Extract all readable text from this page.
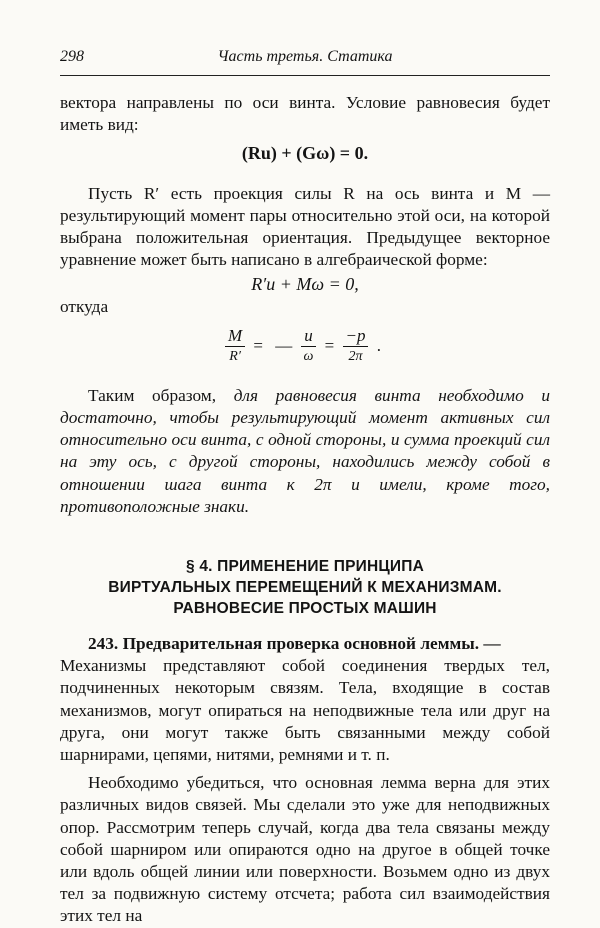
298	Часть третья. Статика

вектора направлены по оси винта. Условие равновесия будет иметь вид:

(Ru) + (Gω) = 0.

Пусть R′ есть проекция силы R на ось винта и M — результирующий момент пары относительно этой оси, на которой выбрана положительная ориентация. Предыдущее векторное уравнение может быть написано в алгебраической форме:

R′u + Mω = 0,

откуда

$\frac{M}{R'}$ = — $\frac{u}{\omega} = \frac{-p}{2\pi}$ .

Таким образом, для равновесия винта необходимо и достаточно, чтобы результирующий момент активных сил относительно оси винта, с одной стороны, и сумма проекций сил на эту ось, с другой стороны, находились между собой в отношении шага винта к 2π и имели, кроме того, противоположные знаки.

§ 4. ПРИМЕНЕНИЕ ПРИНЦИПА
ВИРТУАЛЬНЫХ ПЕРЕМЕЩЕНИЙ К МЕХАНИЗМАМ.
РАВНОВЕСИЕ ПРОСТЫХ МАШИН

243. Предварительная проверка основной леммы. —

Механизмы представляют собой соединения твердых тел, подчиненных некоторым связям. Тела, входящие в состав механизмов, могут опираться на неподвижные тела или друг на друга, они могут также быть связанными между собой шарнирами, цепями, нитями, ремнями и т. п.

Необходимо убедиться, что основная лемма верна для этих различных видов связей. Мы сделали это уже для неподвижных опор. Рассмотрим теперь случай, когда два тела связаны между собой шарниром или опираются одно на другое в общей точке или вдоль общей линии или поверхности. Возьмем одно из двух тел за подвижную систему отсчета; работа сил взаимодействия этих тел на
